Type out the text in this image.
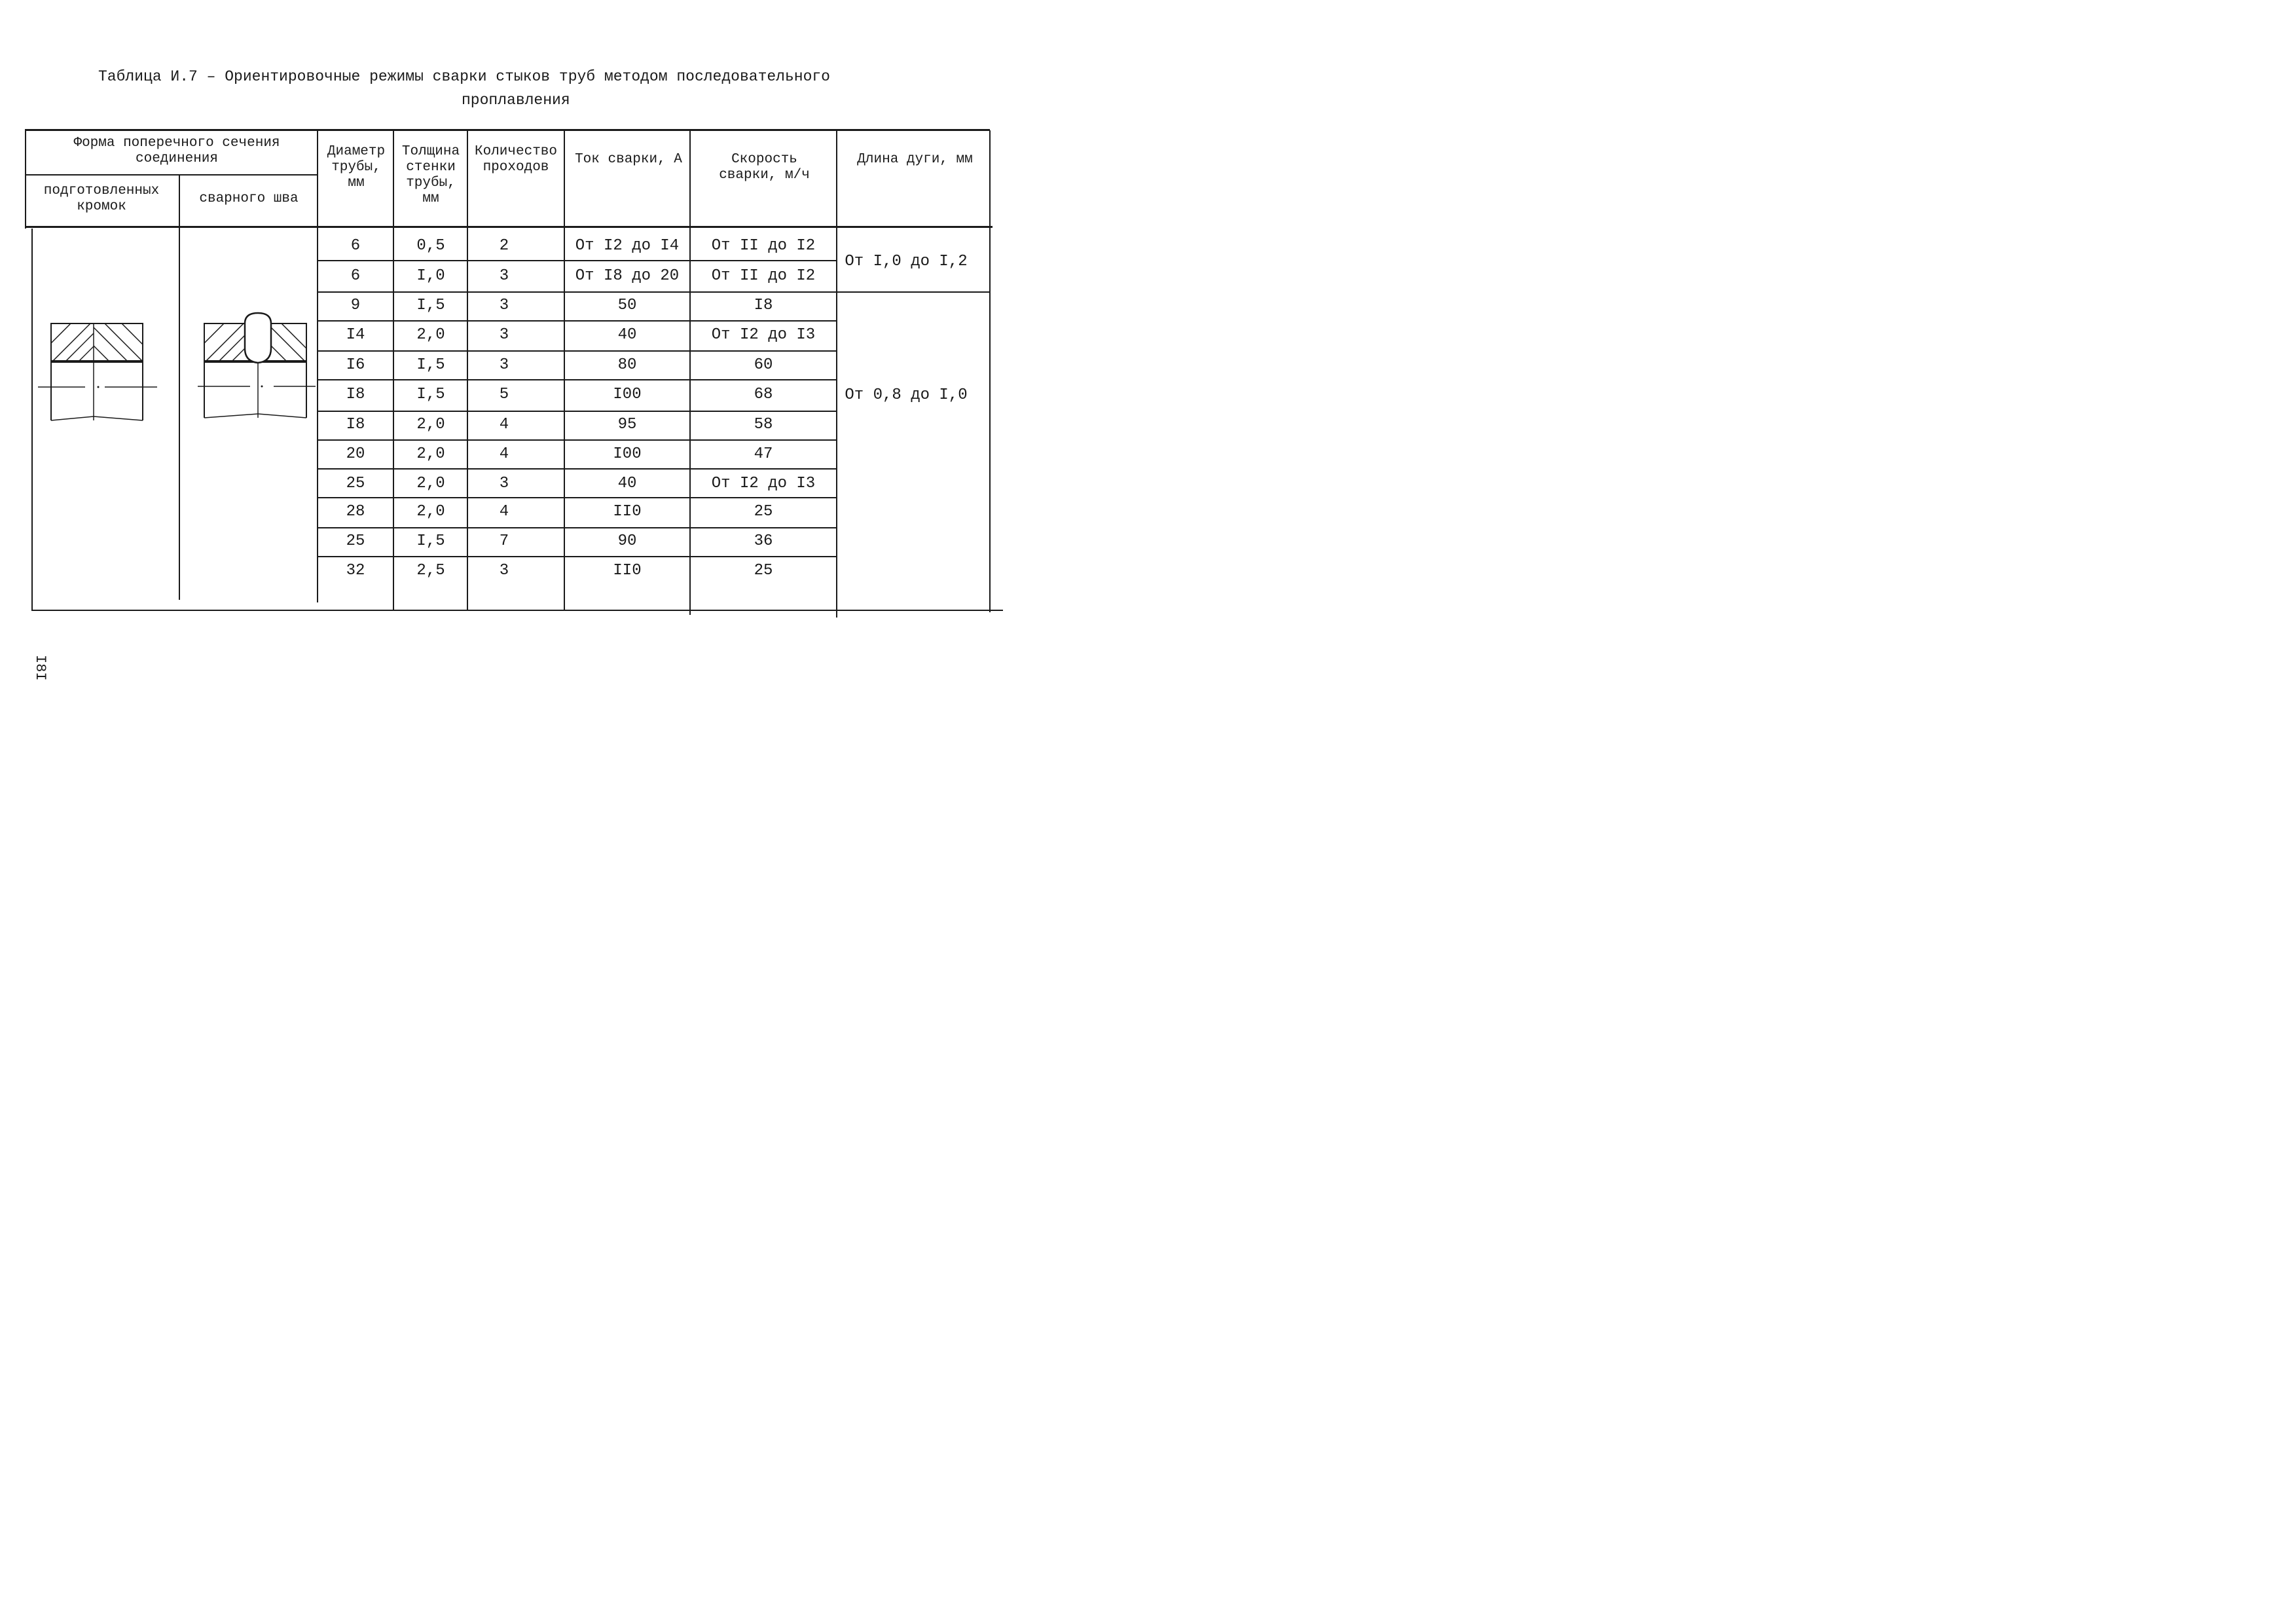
Таблица И.7 – Ориентировочные режимы сварки стыков труб методом последовательного
проплавления
Форма поперечного сечения соединения
подготовленных кромок
сварного шва
Диаметр трубы, мм
Толщина стенки трубы, мм
Количество проходов
Ток сварки, А	Скорость сварки, м/ч
Длина дуги, мм
6	0,5	2	От I2 до I4	От II до I2
6	I,0	3	От I8 до 20	От II до I2
9	I,5	3	50	I8
I4	2,0	3	40	От I2 до I3
I6	I,5	3	80	60
I8	I,5	5	I00	68
I8	2,0	4	95	58
20	2,0	4	I00	47
25	2,0	3	40	От I2 до I3
28	2,0	4	II0	25
25	I,5	7	90	36
32	2,5	3	II0	25
От I,0 до I,2
От 0,8 до I,0
I8I
